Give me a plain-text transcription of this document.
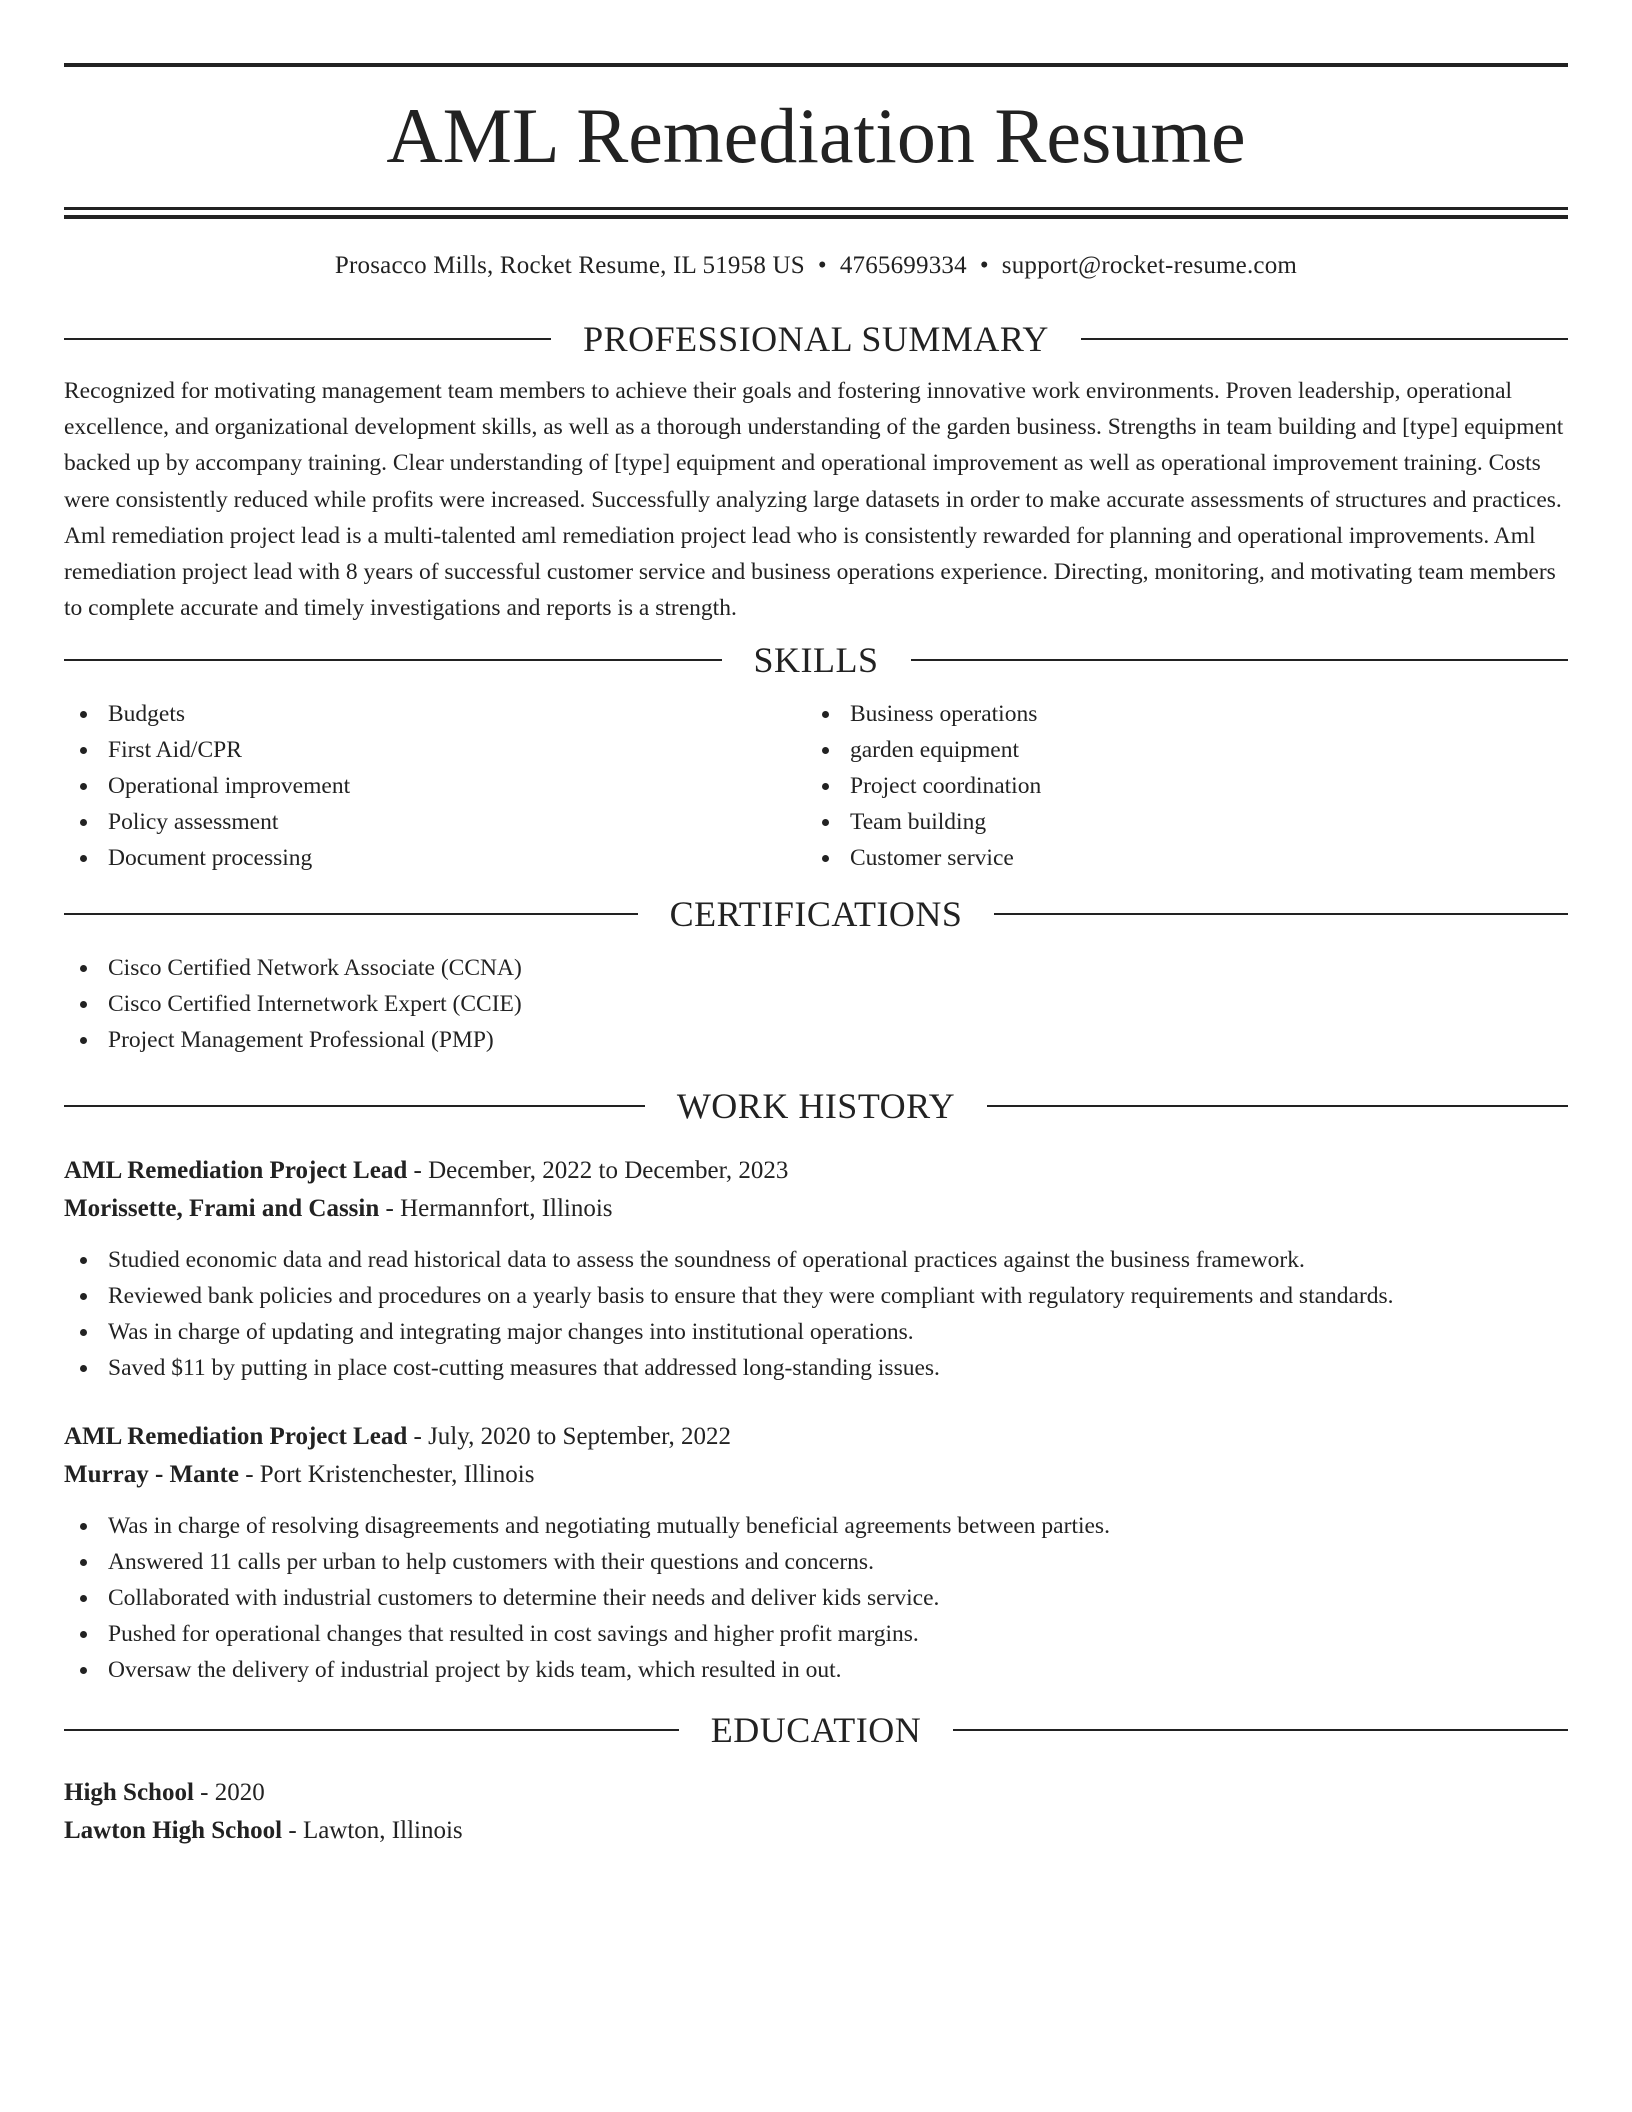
AML Remediation Resume
Prosacco Mills, Rocket Resume, IL 51958 US • 4765699334 • support@rocket-resume.com
PROFESSIONAL SUMMARY

Recognized for motivating management team members to achieve their goals and fostering innovative work environments. Proven leadership, operational excellence, and organizational development skills, as well as a thorough understanding of the garden business. Strengths in team building and [type] equipment backed up by accompany training. Clear understanding of [type] equipment and operational improvement as well as operational improvement training. Costs were consistently reduced while profits were increased. Successfully analyzing large datasets in order to make accurate assessments of structures and practices. Aml remediation project lead is a multi-talented aml remediation project lead who is consistently rewarded for planning and operational improvements. Aml remediation project lead with 8 years of successful customer service and business operations experience. Directing, monitoring, and motivating team members to complete accurate and timely investigations and reports is a strength.

SKILLS
Budgets
First Aid/CPR
Operational improvement
Policy assessment
Document processing
Business operations
garden equipment
Project coordination
Team building
Customer service
CERTIFICATIONS
Cisco Certified Network Associate (CCNA)
Cisco Certified Internetwork Expert (CCIE)
Project Management Professional (PMP)
WORK HISTORY
AML Remediation Project Lead - December, 2022 to December, 2023
Morissette, Frami and Cassin - Hermannfort, Illinois
Studied economic data and read historical data to assess the soundness of operational practices against the business framework.
Reviewed bank policies and procedures on a yearly basis to ensure that they were compliant with regulatory requirements and standards.
Was in charge of updating and integrating major changes into institutional operations.
Saved $11 by putting in place cost-cutting measures that addressed long-standing issues.
AML Remediation Project Lead - July, 2020 to September, 2022
Murray - Mante - Port Kristenchester, Illinois
Was in charge of resolving disagreements and negotiating mutually beneficial agreements between parties.
Answered 11 calls per urban to help customers with their questions and concerns.
Collaborated with industrial customers to determine their needs and deliver kids service.
Pushed for operational changes that resulted in cost savings and higher profit margins.
Oversaw the delivery of industrial project by kids team, which resulted in out.
EDUCATION
High School - 2020
Lawton High School - Lawton, Illinois
